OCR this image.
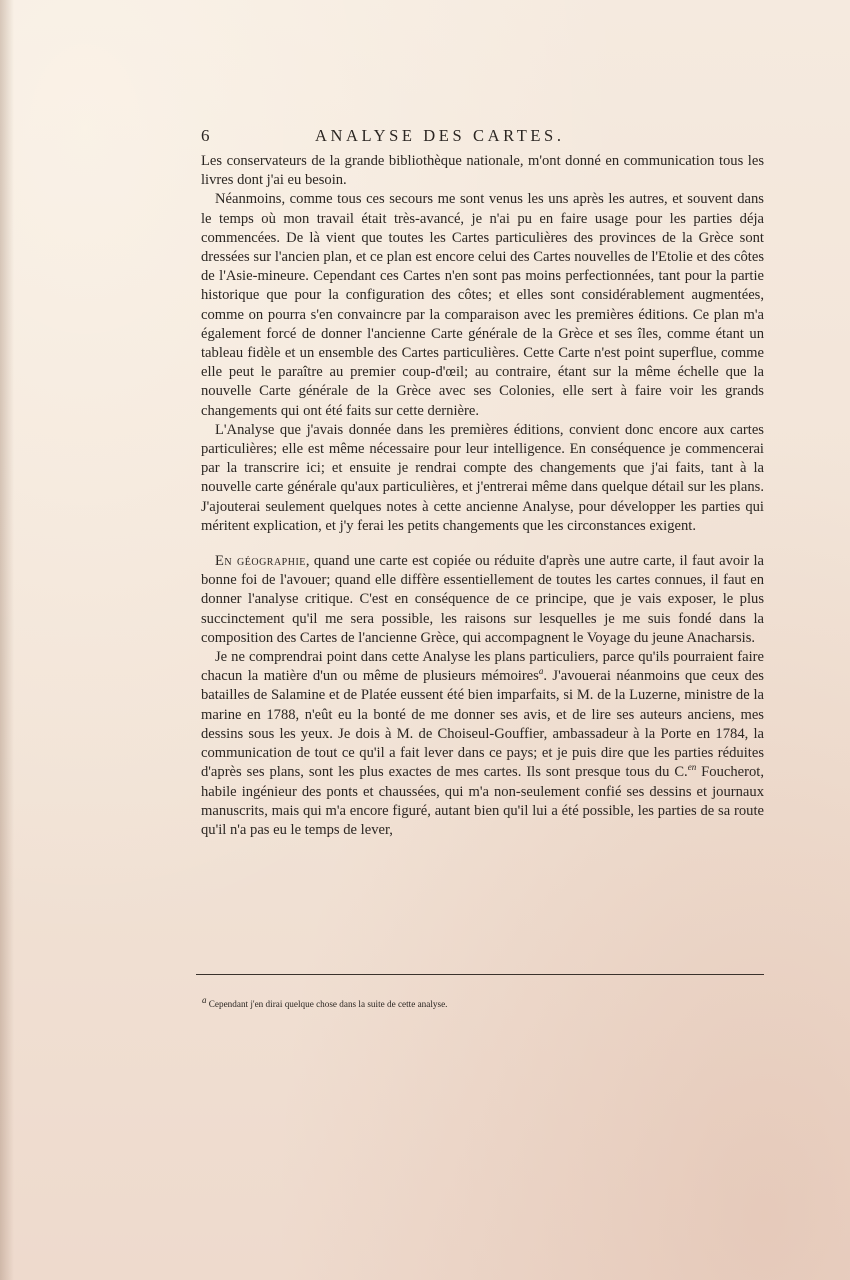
6	ANALYSE DES CARTES.

Les conservateurs de la grande bibliothèque nationale, m'ont donné en communication tous les livres dont j'ai eu besoin.

Néanmoins, comme tous ces secours me sont venus les uns après les autres, et souvent dans le temps où mon travail était très-avancé, je n'ai pu en faire usage pour les parties déja commencées. De là vient que toutes les Cartes particulières des provinces de la Grèce sont dressées sur l'ancien plan, et ce plan est encore celui des Cartes nouvelles de l'Etolie et des côtes de l'Asie-mineure. Cependant ces Cartes n'en sont pas moins perfectionnées, tant pour la partie historique que pour la configuration des côtes; et elles sont considérablement augmentées, comme on pourra s'en convaincre par la comparaison avec les premières éditions. Ce plan m'a également forcé de donner l'ancienne Carte générale de la Grèce et ses îles, comme étant un tableau fidèle et un ensemble des Cartes particulières. Cette Carte n'est point superflue, comme elle peut le paraître au premier coup-d'œil; au contraire, étant sur la même échelle que la nouvelle Carte générale de la Grèce avec ses Colonies, elle sert à faire voir les grands changements qui ont été faits sur cette dernière.

L'Analyse que j'avais donnée dans les premières éditions, convient donc encore aux cartes particulières; elle est même nécessaire pour leur intelligence. En conséquence je commencerai par la transcrire ici; et ensuite je rendrai compte des changements que j'ai faits, tant à la nouvelle carte générale qu'aux particulières, et j'entrerai même dans quelque détail sur les plans. J'ajouterai seulement quelques notes à cette ancienne Analyse, pour développer les parties qui méritent explication, et j'y ferai les petits changements que les circonstances exigent.

En géographie, quand une carte est copiée ou réduite d'après une autre carte, il faut avoir la bonne foi de l'avouer; quand elle diffère essentiellement de toutes les cartes connues, il faut en donner l'analyse critique. C'est en conséquence de ce principe, que je vais exposer, le plus succinctement qu'il me sera possible, les raisons sur lesquelles je me suis fondé dans la composition des Cartes de l'ancienne Grèce, qui accompagnent le Voyage du jeune Anacharsis.

Je ne comprendrai point dans cette Analyse les plans particuliers, parce qu'ils pourraient faire chacun la matière d'un ou même de plusieurs mémoires$^a$. J'avouerai néanmoins que ceux des batailles de Salamine et de Platée eussent été bien imparfaits, si M. de la Luzerne, ministre de la marine en 1788, n'eût eu la bonté de me donner ses avis, et de lire ses auteurs anciens, mes dessins sous les yeux. Je dois à M. de Choiseul-Gouffier, ambassadeur à la Porte en 1784, la communication de tout ce qu'il a fait lever dans ce pays; et je puis dire que les parties réduites d'après ses plans, sont les plus exactes de mes cartes. Ils sont presque tous du C.$^{en}$ Foucherot, habile ingénieur des ponts et chaussées, qui m'a non-seulement confié ses dessins et journaux manuscrits, mais qui m'a encore figuré, autant bien qu'il lui a été possible, les parties de sa route qu'il n'a pas eu le temps de lever,

$^a$ Cependant j'en dirai quelque chose dans la suite de cette analyse.
